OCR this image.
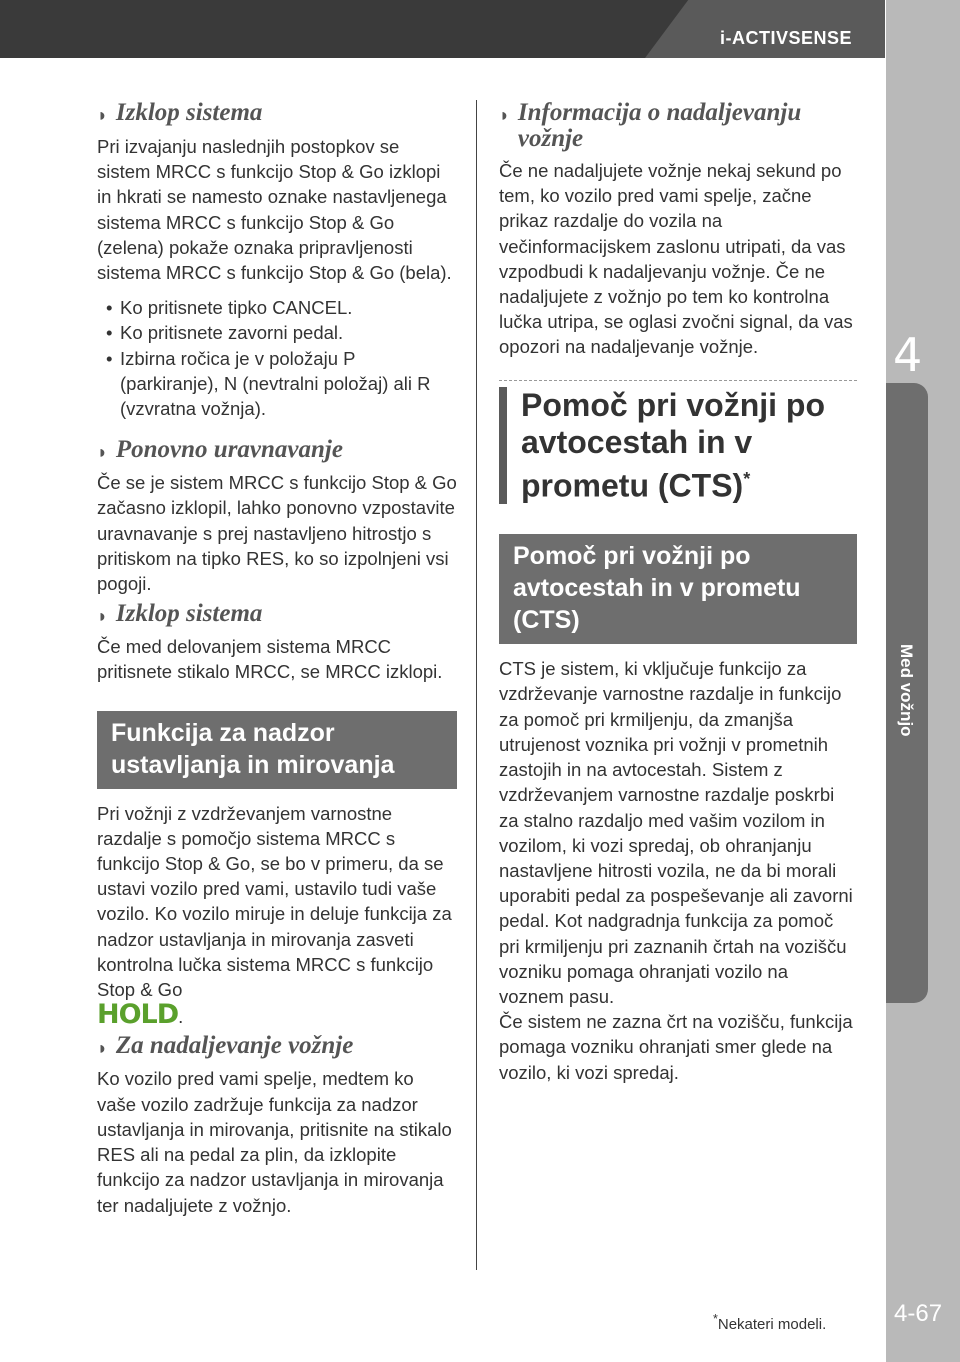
i-ACTIVSENSE
4
Med vožnjo
4-67
◗ Izklop sistema

Pri izvajanju naslednjih postopkov se sistem MRCC s funkcijo Stop & Go izklopi in hkrati se namesto oznake nastavljenega sistema MRCC s funkcijo Stop & Go (zelena) pokaže oznaka pripravljenosti sistema MRCC s funkcijo Stop & Go (bela).

• Ko pritisnete tipko CANCEL.
• Ko pritisnete zavorni pedal.
• Izbirna ročica je v položaju P (parkiranje), N (nevtralni položaj) ali R (vzvratna vožnja).
◗ Ponovno uravnavanje

Če se je sistem MRCC s funkcijo Stop & Go začasno izklopil, lahko ponovno vzpostavite uravnavanje s prej nastavljeno hitrostjo s pritiskom na tipko RES, ko so izpolnjeni vsi pogoji.

◗ Izklop sistema

Če med delovanjem sistema MRCC pritisnete stikalo MRCC, se MRCC izklopi.

Funkcija za nadzor ustavljanja in mirovanja

Pri vožnji z vzdrževanjem varnostne razdalje s pomočjo sistema MRCC s funkcijo Stop & Go, se bo v primeru, da se ustavi vozilo pred vami, ustavilo tudi vaše vozilo. Ko vozilo miruje in deluje funkcija za nadzor ustavljanja in mirovanja zasveti kontrolna lučka sistema MRCC s funkcijo Stop & Go
HOLD.

◗ Za nadaljevanje vožnje

Ko vozilo pred vami spelje, medtem ko vaše vozilo zadržuje funkcija za nadzor ustavljanja in mirovanja, pritisnite na stikalo RES ali na pedal za plin, da izklopite funkcijo za nadzor ustavljanja in mirovanja ter nadaljujete z vožnjo.

◗ Informacija o nadaljevanju vožnje

Če ne nadaljujete vožnje nekaj sekund po tem, ko vozilo pred vami spelje, začne prikaz razdalje do vozila na večinformacijskem zaslonu utripati, da vas vzpodbudi k nadaljevanju vožnje. Če ne nadaljujete z vožnjo po tem ko kontrolna lučka utripa, se oglasi zvočni signal, da vas opozori na nadaljevanje vožnje.

Pomoč pri vožnji po avtocestah in v prometu (CTS)*
Pomoč pri vožnji po avtocestah in v prometu (CTS)

CTS je sistem, ki vključuje funkcijo za vzdrževanje varnostne razdalje in funkcijo za pomoč pri krmiljenju, da zmanjša utrujenost voznika pri vožnji v prometnih zastojih in na avtocestah. Sistem z vzdrževanjem varnostne razdalje poskrbi za stalno razdaljo med vašim vozilom in vozilom, ki vozi spredaj, ob ohranjanju nastavljene hitrosti vozila, ne da bi morali uporabiti pedal za pospeševanje ali zavorni pedal. Kot nadgradnja funkcija za pomoč pri krmiljenju pri zaznanih črtah na vozišču vozniku pomaga ohranjati vozilo na voznem pasu.

Če sistem ne zazna črt na vozišču, funkcija pomaga vozniku ohranjati smer glede na vozilo, ki vozi spredaj.

*Nekateri modeli.
